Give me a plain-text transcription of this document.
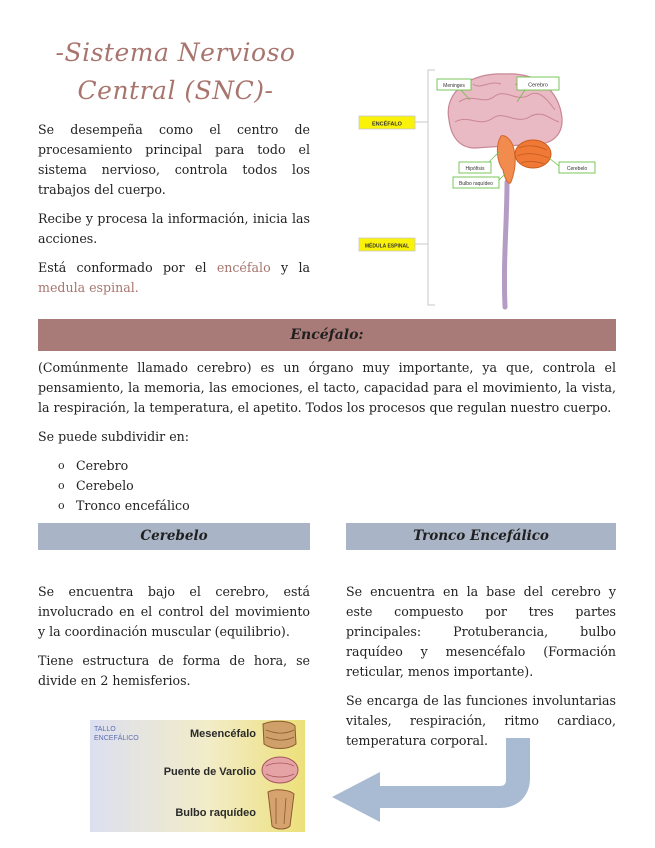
-Sistema Nervioso
Central (SNC)-

Se desempeña como el centro de procesamiento principal para todo el sistema nervioso, controla todos los trabajos del cuerpo.

Recibe y procesa la información, inicia las acciones.

Está conformado por el encéfalo y la medula espinal.

ENCÉFALO
MÉDULA ESPINAL
Meninges	Cerebro
Hipófisis
Bulbo raquídeo
Cerebelo
Encéfalo:

(Comúnmente llamado cerebro) es un órgano muy importante, ya que, controla el pensamiento, la memoria, las emociones, el tacto, capacidad para el movimiento, la vista, la respiración, la temperatura, el apetito. Todos los procesos que regulan nuestro cuerpo.

Se puede subdividir en:

o Cerebro
o Cerebelo
o Tronco encefálico
Cerebelo	Tronco Encefálico

Se encuentra bajo el cerebro, está involucrado en el control del movimiento y la coordinación muscular (equilibrio).

Tiene estructura de forma de hora, se divide en 2 hemisferios.

Se encuentra en la base del cerebro y este compuesto por tres partes principales: Protuberancia, bulbo raquídeo y mesencéfalo (Formación reticular, menos importante).

Se encarga de las funciones involuntarias vitales, respiración, ritmo cardiaco, temperatura corporal.

TALLO
ENCEFÁLICO	Mesencéfalo
Puente de Varolio
Bulbo raquídeo
